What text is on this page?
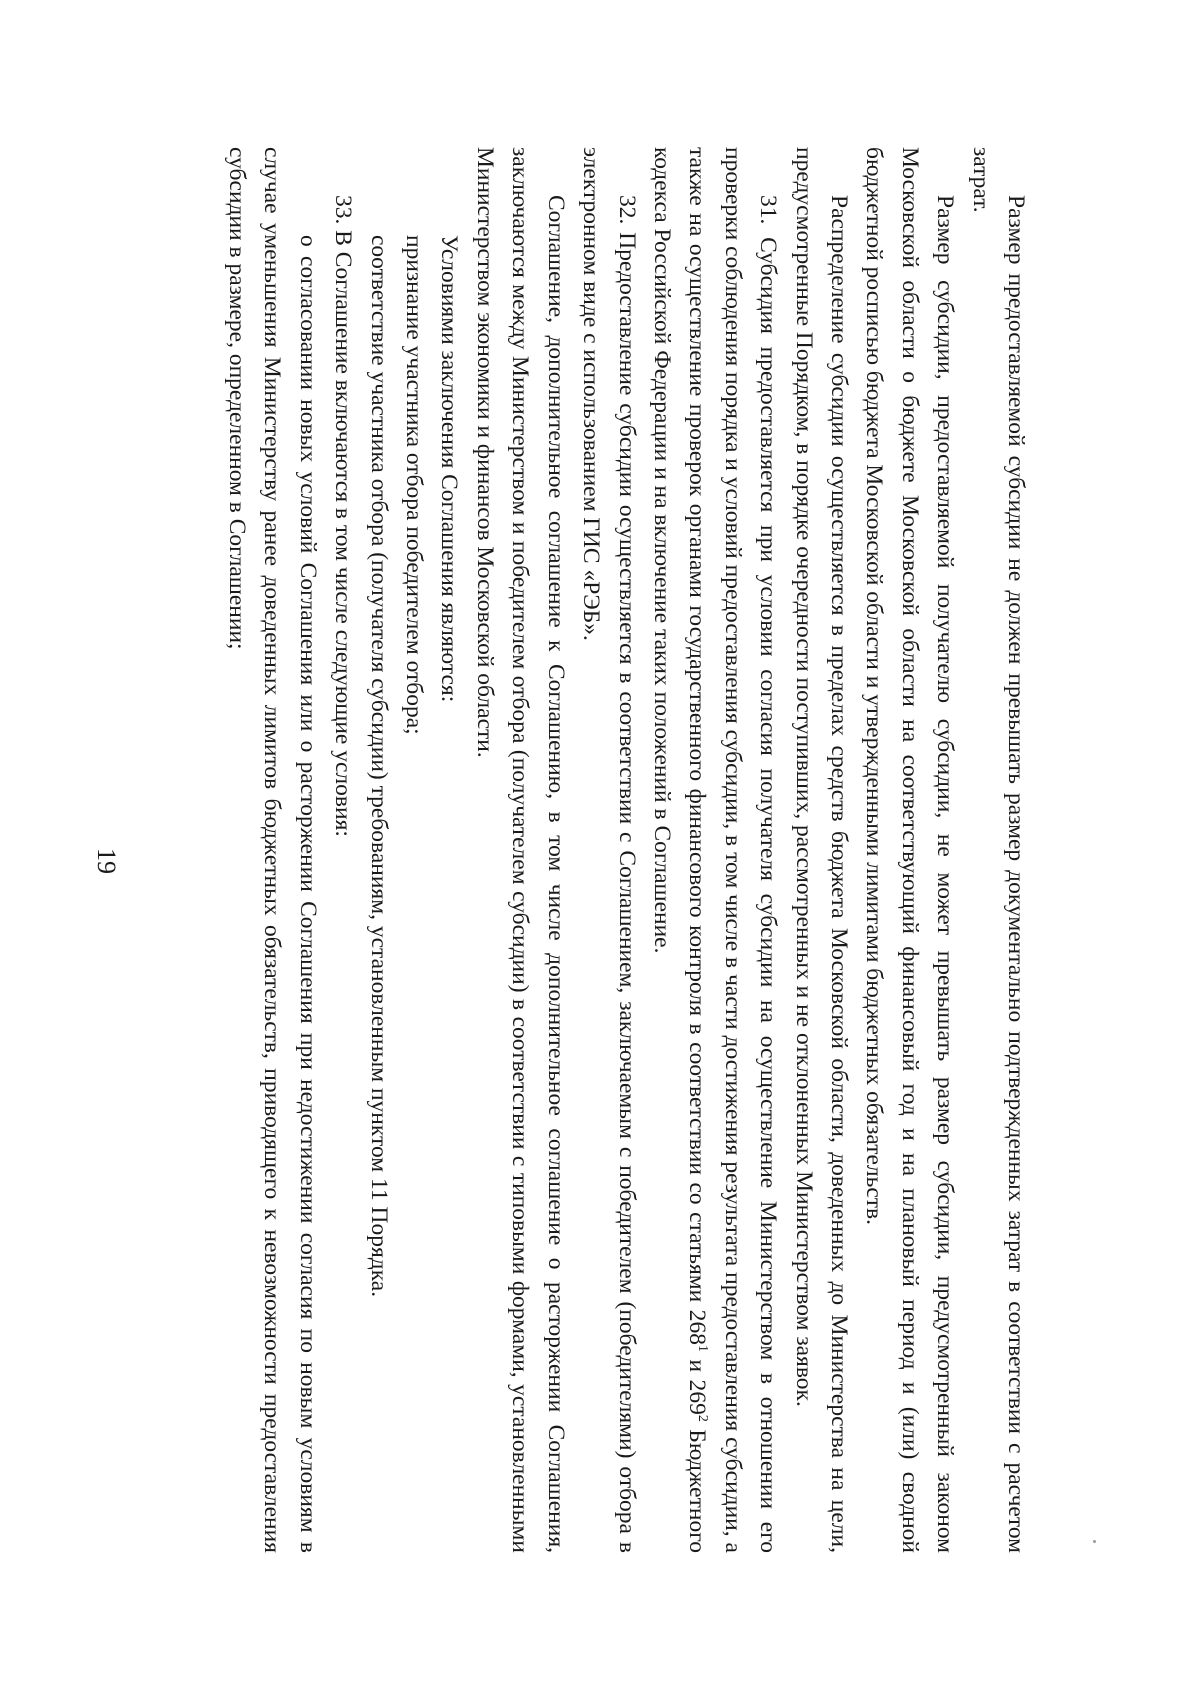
19	Размер предоставляемой субсидии не должен превышать размер документально подтвержденных затрат в соответствии с расчетом затрат.

Размер субсидии, предоставляемой получателю субсидии, не может превышать размер субсидии, предусмотренный законом Московской области о бюджете Московской области на соответствующий финансовый год и на плановый период и (или) сводной бюджетной росписью бюджета Московской области и утвержденными лимитами бюджетных обязательств.

Распределение субсидии осуществляется в пределах средств бюджета Московской области, доведенных до Министерства на цели, предусмотренные Порядком, в порядке очередности поступивших, рассмотренных и не отклоненных Министерством заявок.

31. Субсидия предоставляется при условии согласия получателя субсидии на осуществление Министерством в отношении его проверки соблюдения порядка и условий предоставления субсидии, в том числе в части достижения результата предоставления субсидии, а также на осуществление проверок органами государственного финансового контроля в соответствии со статьями $268^1$ и $269^2$ Бюджетного кодекса Российской Федерации и на включение таких положений в Соглашение.

32. Предоставление субсидии осуществляется в соответствии с Соглашением, заключаемым с победителем (победителями) отбора в электронном виде с использованием ГИС «РЭБ».

Соглашение, дополнительное соглашение к Соглашению, в том числе дополнительное соглашение о расторжении Соглашения, заключаются между Министерством и победителем отбора (получателем субсидии) в соответствии с типовыми формами, установленными Министерством экономики и финансов Московской области.

Условиями заключения Соглашения являются:

признание участника отбора победителем отбора;

соответствие участника отбора (получателя субсидии) требованиям, установленным пунктом 11 Порядка.

33. В Соглашение включаются в том числе следующие условия:

о согласовании новых условий Соглашения или о расторжении Соглашения при недостижении согласия по новым условиям в случае уменьшения Министерству ранее доведенных лимитов бюджетных обязательств, приводящего к невозможности предоставления субсидии в размере, определенном в Соглашении;
